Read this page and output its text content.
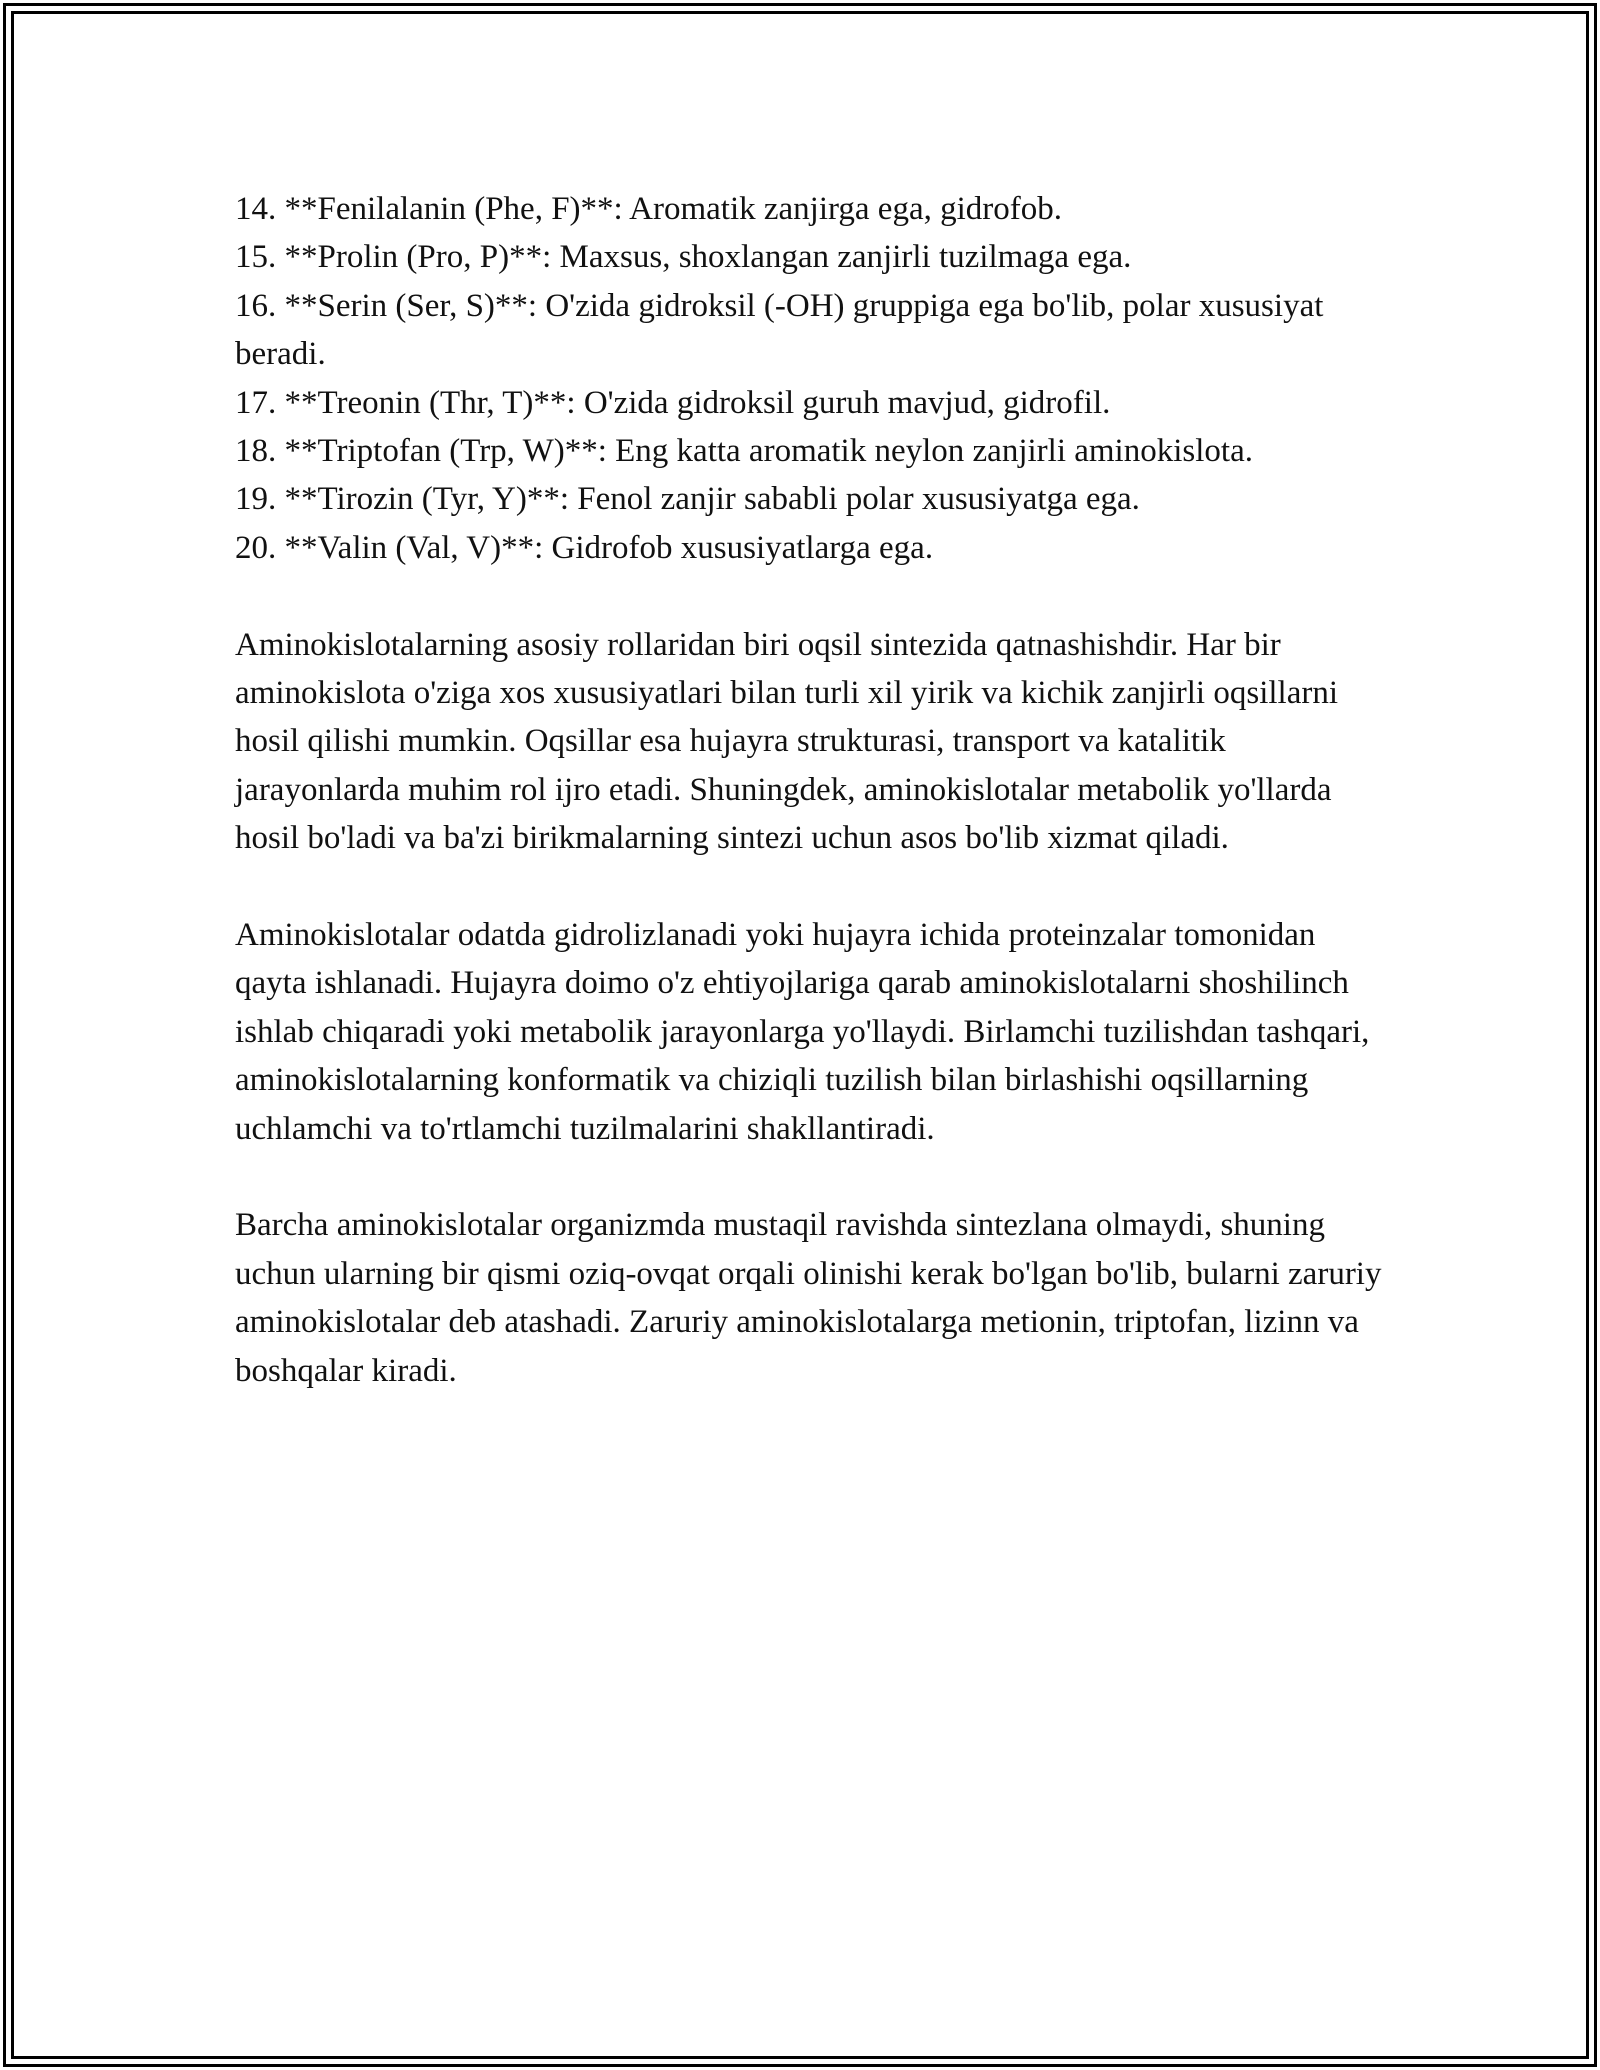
14. **Fenilalanin (Phe, F)**: Aromatik zanjirga ega, gidrofob.
15. **Prolin (Pro, P)**: Maxsus, shoxlangan zanjirli tuzilmaga ega.
16. **Serin (Ser, S)**: O'zida gidroksil (-OH) gruppiga ega bo'lib, polar xususiyat beradi.
17. **Treonin (Thr, T)**: O'zida gidroksil guruh mavjud, gidrofil.
18. **Triptofan (Trp, W)**: Eng katta aromatik neylon zanjirli aminokislota.
19. **Tirozin (Tyr, Y)**: Fenol zanjir sababli polar xususiyatga ega.
20. **Valin (Val, V)**: Gidrofob xususiyatlarga ega.

Aminokislotalarning asosiy rollaridan biri oqsil sintezida qatnashishdir. Har bir aminokislota o'ziga xos xususiyatlari bilan turli xil yirik va kichik zanjirli oqsillarni hosil qilishi mumkin. Oqsillar esa hujayra strukturasi, transport va katalitik jarayonlarda muhim rol ijro etadi. Shuningdek, aminokislotalar metabolik yo'llarda hosil bo'ladi va ba'zi birikmalarning sintezi uchun asos bo'lib xizmat qiladi.

Aminokislotalar odatda gidrolizlanadi yoki hujayra ichida proteinzalar tomonidan qayta ishlanadi. Hujayra doimo o'z ehtiyojlariga qarab aminokislotalarni shoshilinch ishlab chiqaradi yoki metabolik jarayonlarga yo'llaydi. Birlamchi tuzilishdan tashqari, aminokislotalarning konformatik va chiziqli tuzilish bilan birlashishi oqsillarning uchlamchi va to'rtlamchi tuzilmalarini shakllantiradi.

Barcha aminokislotalar organizmda mustaqil ravishda sintezlana olmaydi, shuning uchun ularning bir qismi oziq-ovqat orqali olinishi kerak bo'lgan bo'lib, bularni zaruriy aminokislotalar deb atashadi. Zaruriy aminokislotalarga metionin, triptofan, lizinn va boshqalar kiradi.
